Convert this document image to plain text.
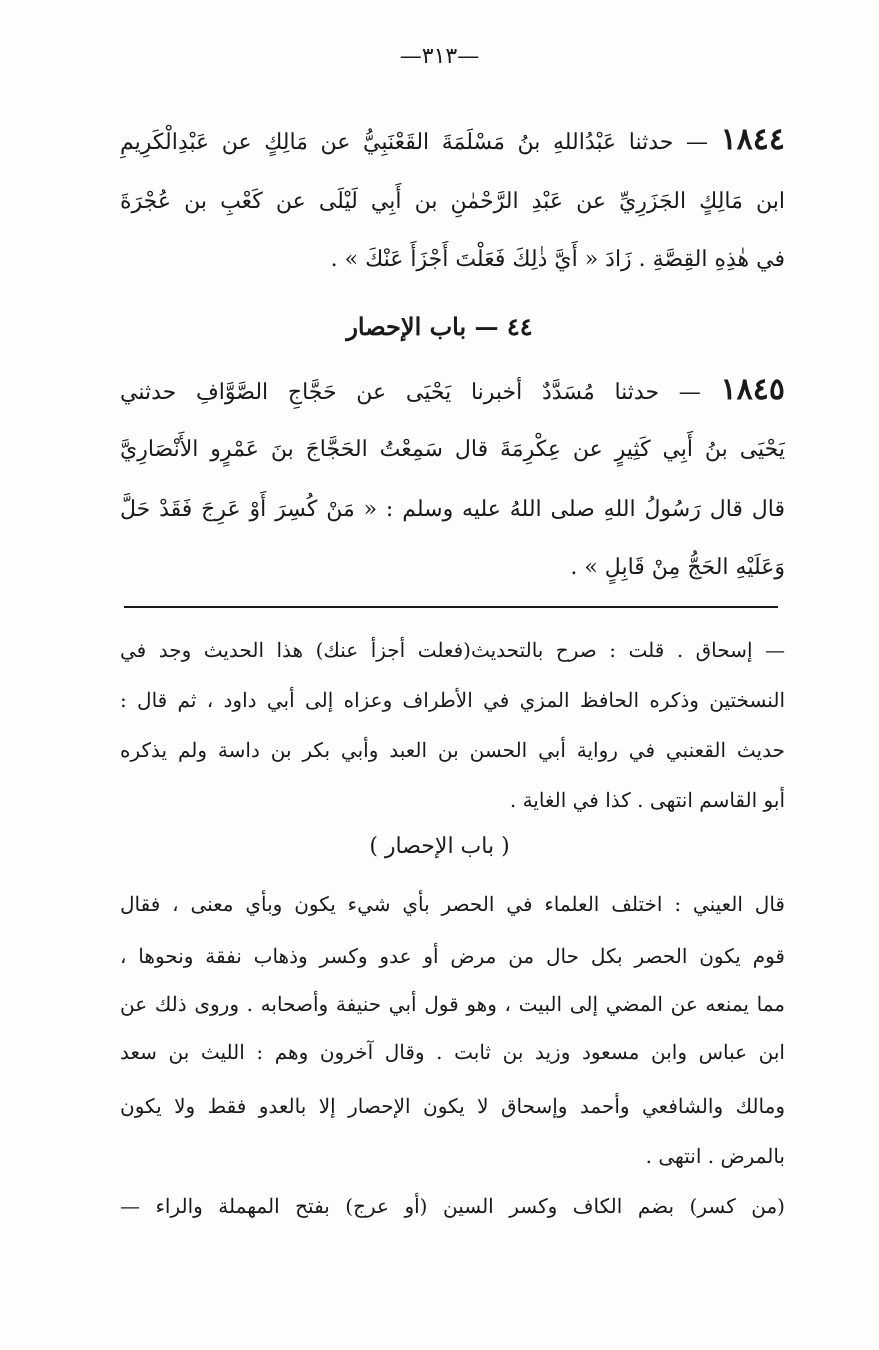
—٣١٣—
١٨٤٤ — حدثنا عَبْدُاللهِ بنُ مَسْلَمَةَ القَعْنَبِيُّ عن مَالِكٍ عن عَبْدِالْكَرِيمِ
ابن مَالِكٍ الجَزَرِيِّ عن عَبْدِ الرَّحْمٰنِ بن أَبِي لَيْلَى عن كَعْبِ بن عُجْرَةَ
في هٰذِهِ القِصَّةِ . زَادَ « أَيَّ ذٰلِكَ فَعَلْتَ أَجْزَأَ عَنْكَ » .
٤٤ — باب الإحصار
١٨٤٥ — حدثنا مُسَدَّدٌ أخبرنا يَحْيَى عن حَجَّاجِ الصَّوَّافِ حدثني
يَحْيَى بنُ أَبِي كَثِيرٍ عن عِكْرِمَةَ قال سَمِعْتُ الحَجَّاجَ بنَ عَمْرٍو الأَنْصَارِيَّ
قال قال رَسُولُ اللهِ صلى اللهُ عليه وسلم : « مَنْ كُسِرَ أَوْ عَرِجَ فَقَدْ حَلَّ
وَعَلَيْهِ الحَجُّ مِنْ قَابِلٍ » .
— إسحاق . قلت : صرح بالتحديث(فعلت أجزأ عنك) هذا الحديث وجد في
النسختين وذكره الحافظ المزي في الأطراف وعزاه إلى أبي داود ، ثم قال :
حديث القعنبي في رواية أبي الحسن بن العبد وأبي بكر بن داسة ولم يذكره
أبو القاسم انتهى . كذا في الغاية .
( باب الإحصار )
قال العيني : اختلف العلماء في الحصر بأي شيء يكون وبأي معنى ، فقال
قوم يكون الحصر بكل حال من مرض أو عدو وكسر وذهاب نفقة ونحوها ،
مما يمنعه عن المضي إلى البيت ، وهو قول أبي حنيفة وأصحابه . وروى ذلك عن
ابن عباس وابن مسعود وزيد بن ثابت . وقال آخرون وهم : الليث بن سعد
ومالك والشافعي وأحمد وإسحاق لا يكون الإحصار إلا بالعدو فقط ولا يكون
بالمرض . انتهى .
(من كسر) بضم الكاف وكسر السين (أو عرج) بفتح المهملة والراء —
